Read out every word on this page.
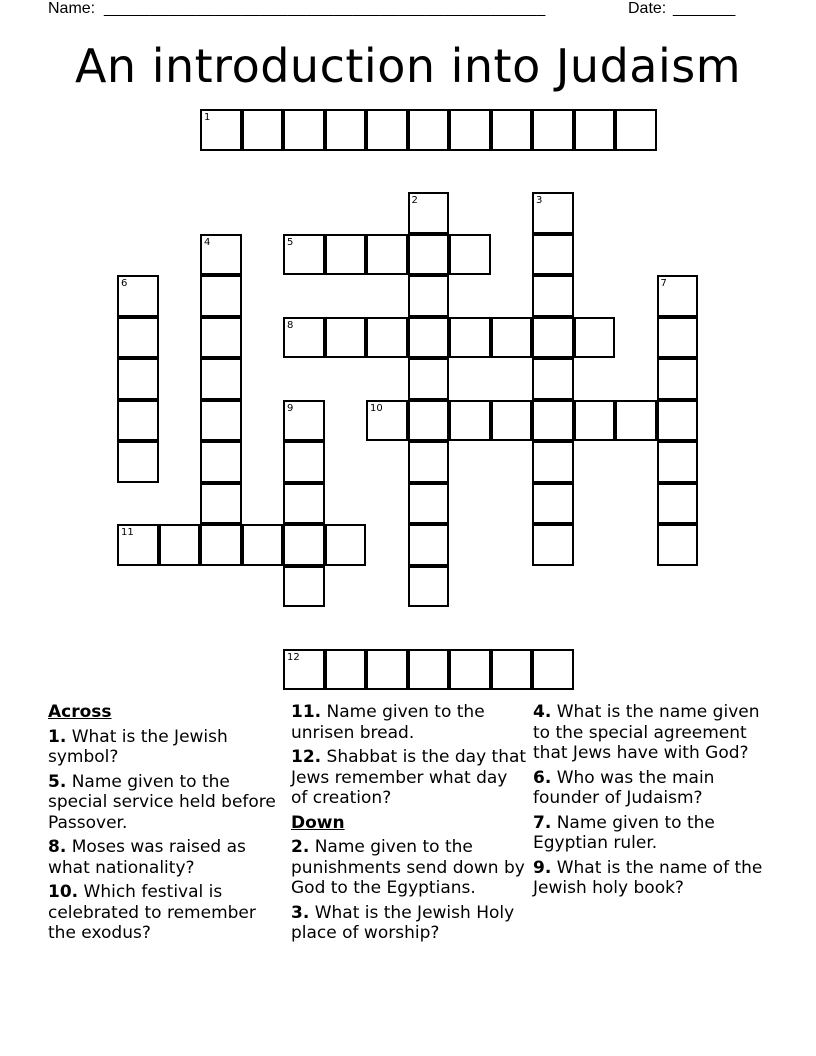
Name: ________________________________________________	Date: _______
An introduction into Judaism
1
5
8
10
11
12
2	3
4
6	7
9
Across
1. What is the Jewish symbol?
5. Name given to the special service held before Passover.
8. Moses was raised as what nationality?
10. Which festival is celebrated to remember the exodus?
11. Name given to the unrisen bread.
12. Shabbat is the day that Jews remember what day of creation?
Down
2. Name given to the punishments send down by God to the Egyptians.
3. What is the Jewish Holy place of worship?
4. What is the name given to the special agreement that Jews have with God?
6. Who was the main founder of Judaism?
7. Name given to the Egyptian ruler.
9. What is the name of the Jewish holy book?
